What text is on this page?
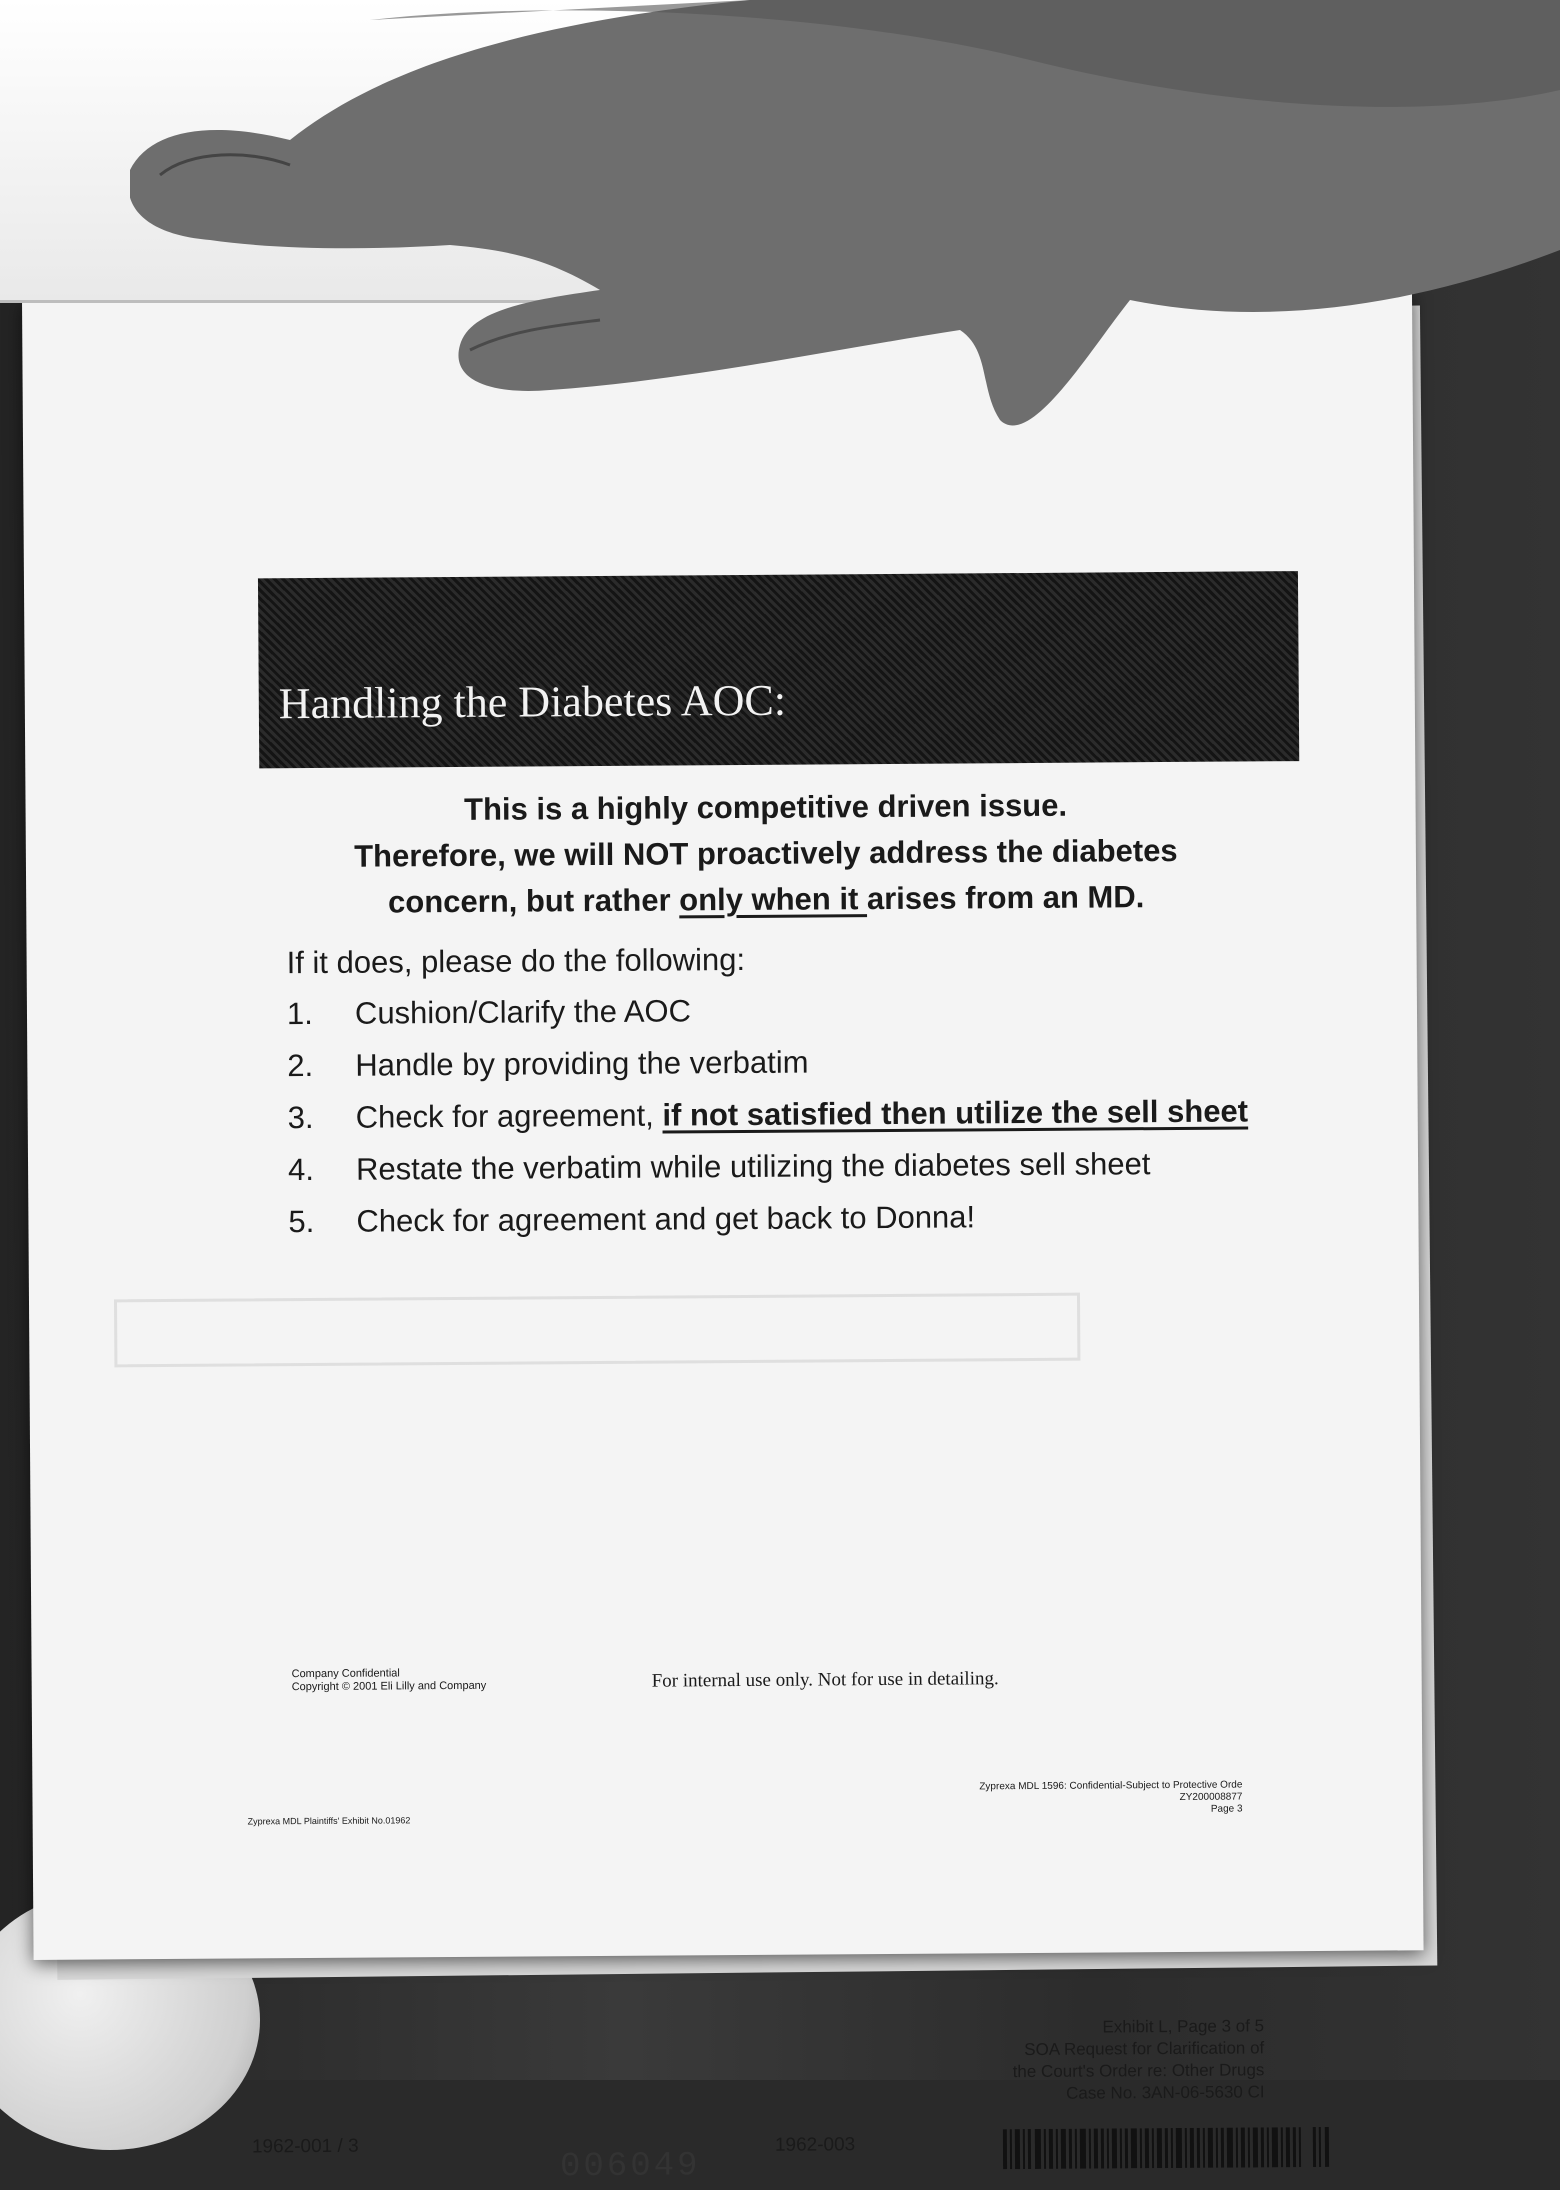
Handling the Diabetes AOC:
This is a highly competitive driven issue.
Therefore, we will NOT proactively address the diabetes
concern, but rather only when it arises from an MD.
If it does, please do the following:
1.	Cushion/Clarify the AOC
2.	Handle by providing the verbatim
3.	Check for agreement, if not satisfied then utilize the sell sheet
4.	Restate the verbatim while utilizing the diabetes sell sheet
5.	Check for agreement and get back to Donna!
Company Confidential
Copyright © 2001 Eli Lilly and Company	For internal use only. Not for use in detailing.
Zyprexa MDL Plaintiffs' Exhibit No.01962
Zyprexa MDL 1596: Confidential-Subject to Protective Orde
ZY200008877
Page 3
Exhibit L, Page 3 of 5
SOA Request for Clarification of
the Court's Order re: Other Drugs
Case No. 3AN-06-5630 CI
1962-001 / 3
006049
1962-003
